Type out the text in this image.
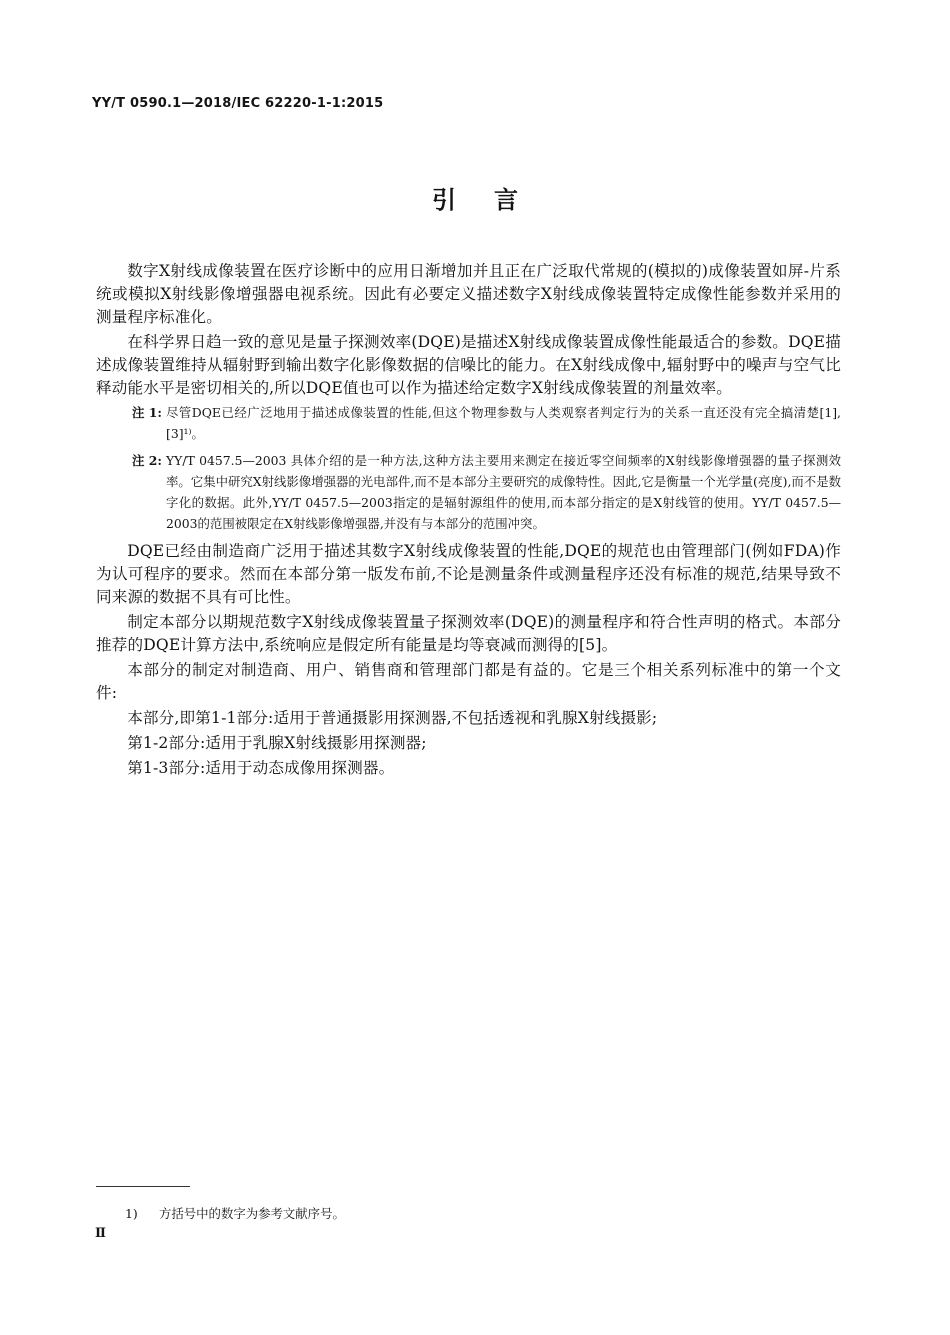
YY/T 0590.1—2018/IEC 62220-1-1:2015
引言

数字X射线成像装置在医疗诊断中的应用日渐增加并且正在广泛取代常规的(模拟的)成像装置如屏-片系统或模拟X射线影像增强器电视系统。因此有必要定义描述数字X射线成像装置特定成像性能参数并采用的测量程序标准化。

在科学界日趋一致的意见是量子探测效率(DQE)是描述X射线成像装置成像性能最适合的参数。DQE描述成像装置维持从辐射野到输出数字化影像数据的信噪比的能力。在X射线成像中,辐射野中的噪声与空气比释动能水平是密切相关的,所以DQE值也可以作为描述给定数字X射线成像装置的剂量效率。

注 1: 尽管DQE已经广泛地用于描述成像装置的性能,但这个物理参数与人类观察者判定行为的关系一直还没有完全搞清楚[1],[3]¹⁾。
注 2: YY/T 0457.5—2003 具体介绍的是一种方法,这种方法主要用来测定在接近零空间频率的X射线影像增强器的量子探测效率。它集中研究X射线影像增强器的光电部件,而不是本部分主要研究的成像特性。因此,它是衡量一个光学量(亮度),而不是数字化的数据。此外,YY/T 0457.5—2003指定的是辐射源组件的使用,而本部分指定的是X射线管的使用。YY/T 0457.5—2003的范围被限定在X射线影像增强器,并没有与本部分的范围冲突。

DQE已经由制造商广泛用于描述其数字X射线成像装置的性能,DQE的规范也由管理部门(例如FDA)作为认可程序的要求。然而在本部分第一版发布前,不论是测量条件或测量程序还没有标准的规范,结果导致不同来源的数据不具有可比性。

制定本部分以期规范数字X射线成像装置量子探测效率(DQE)的测量程序和符合性声明的格式。本部分推荐的DQE计算方法中,系统响应是假定所有能量是均等衰减而测得的[5]。

本部分的制定对制造商、用户、销售商和管理部门都是有益的。它是三个相关系列标准中的第一个文件:

本部分,即第1-1部分:适用于普通摄影用探测器,不包括透视和乳腺X射线摄影;

第1-2部分:适用于乳腺X射线摄影用探测器;

第1-3部分:适用于动态成像用探测器。

1) 方括号中的数字为参考文献序号。
Ⅱ
